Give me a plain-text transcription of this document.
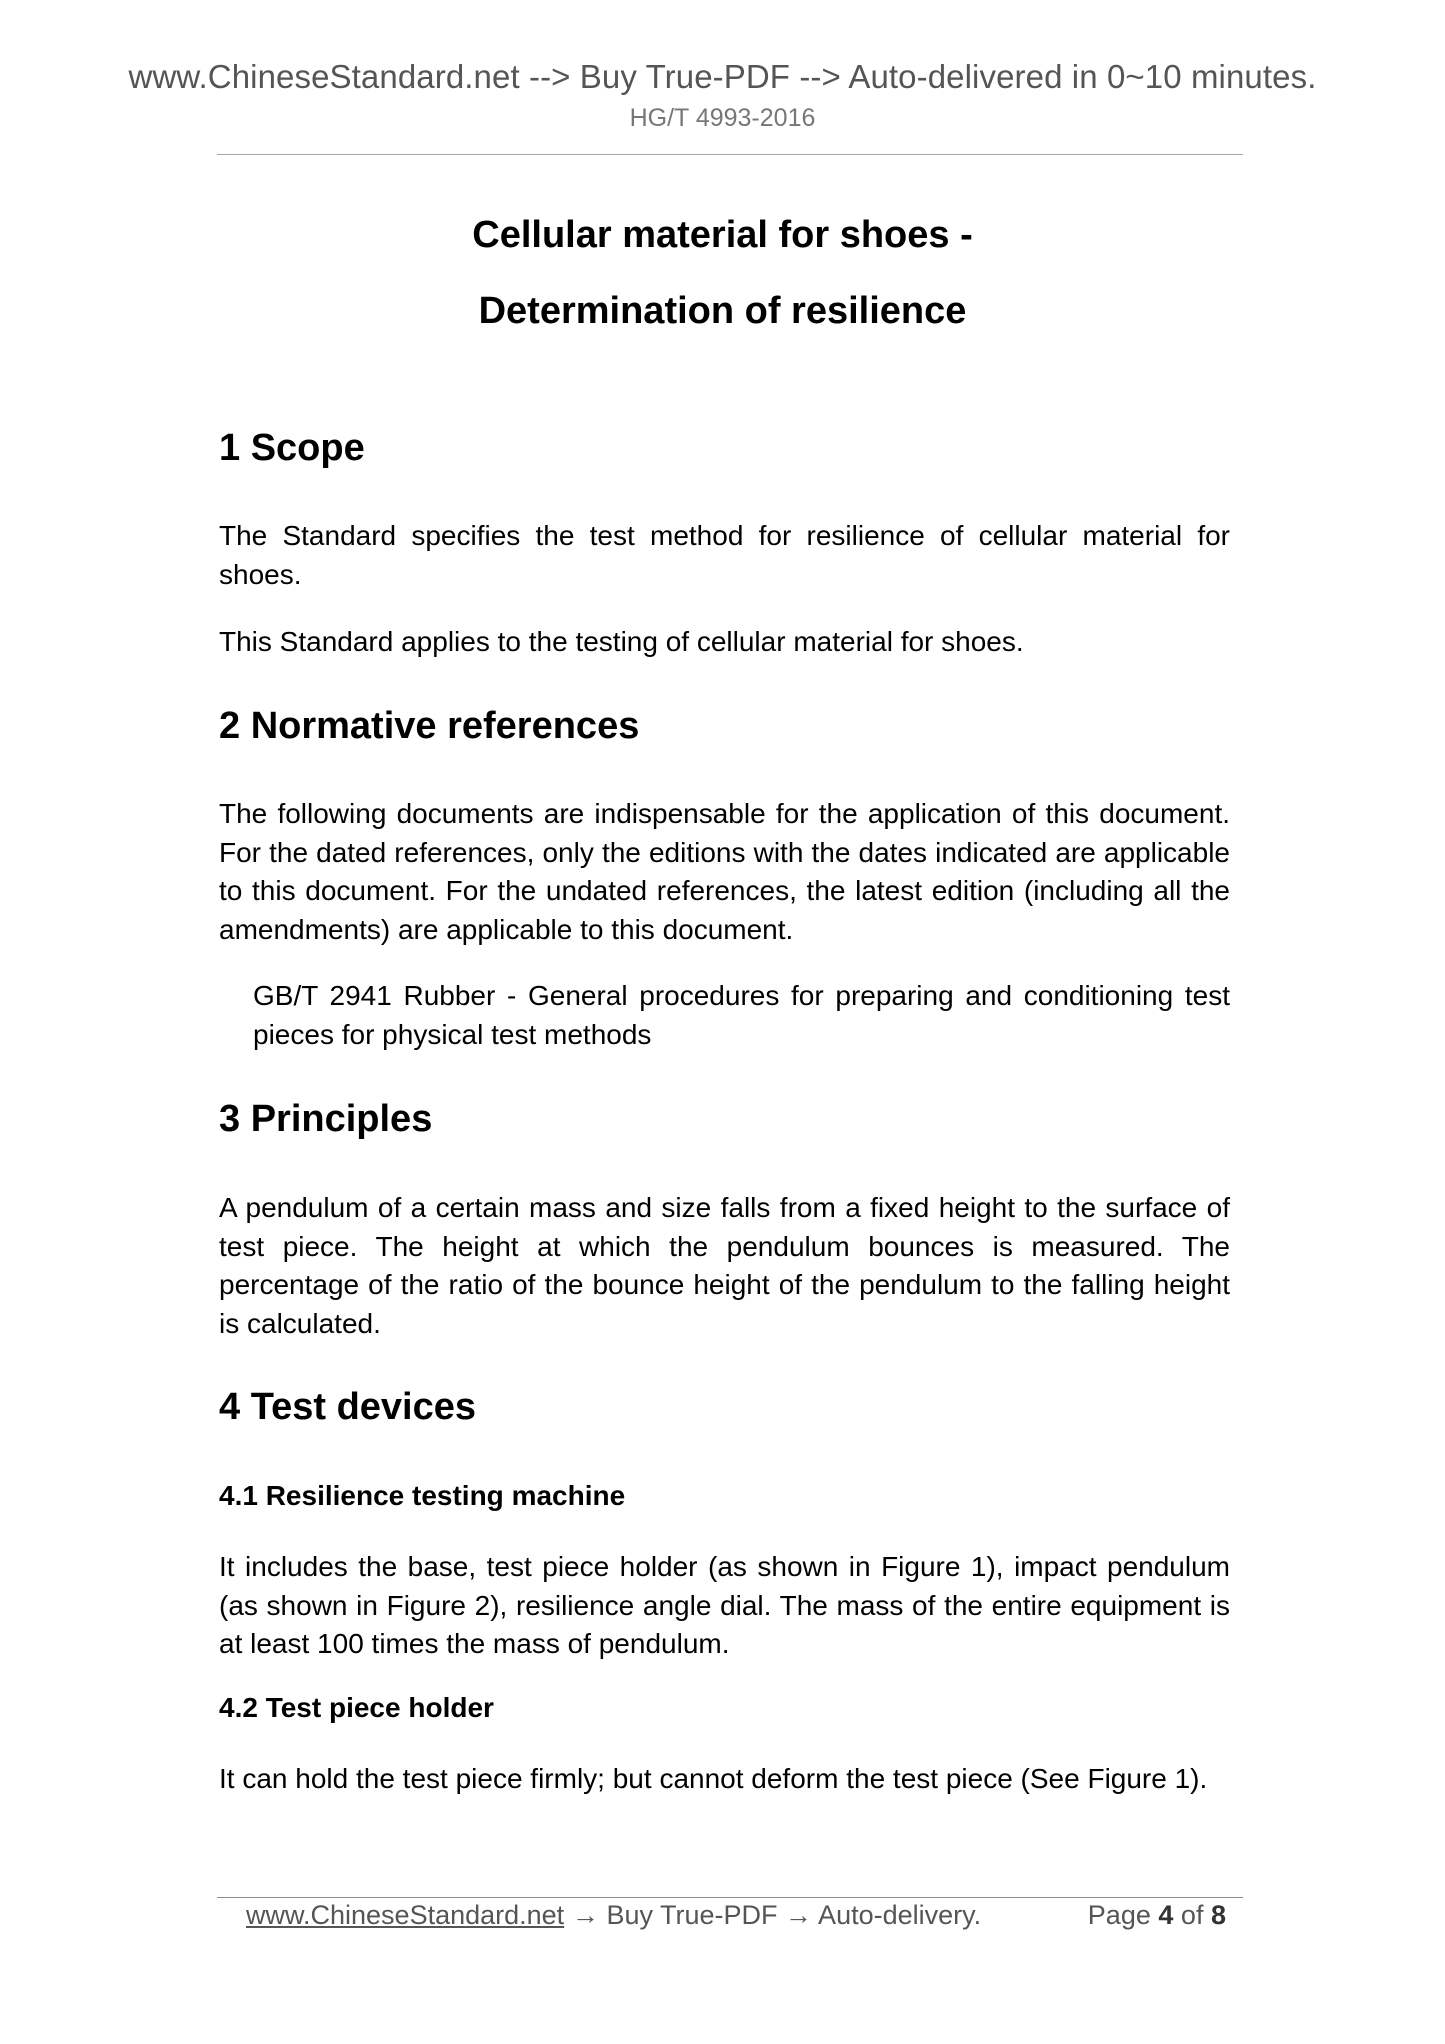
www.ChineseStandard.net --> Buy True-PDF --> Auto-delivered in 0~10 minutes.
HG/T 4993-2016
Cellular material for shoes -
Determination of resilience
1 Scope
The Standard specifies the test method for resilience of cellular material for shoes.
This Standard applies to the testing of cellular material for shoes.
2 Normative references
The following documents are indispensable for the application of this document. For the dated references, only the editions with the dates indicated are applicable to this document. For the undated references, the latest edition (including all the amendments) are applicable to this document.
GB/T 2941 Rubber - General procedures for preparing and conditioning test pieces for physical test methods
3 Principles
A pendulum of a certain mass and size falls from a fixed height to the surface of test piece. The height at which the pendulum bounces is measured. The percentage of the ratio of the bounce height of the pendulum to the falling height is calculated.
4 Test devices
4.1 Resilience testing machine
It includes the base, test piece holder (as shown in Figure 1), impact pendulum (as shown in Figure 2), resilience angle dial. The mass of the entire equipment is at least 100 times the mass of pendulum.
4.2 Test piece holder
It can hold the test piece firmly; but cannot deform the test piece (See Figure 1).
www.ChineseStandard.net → Buy True-PDF → Auto-delivery.	Page 4 of 8
